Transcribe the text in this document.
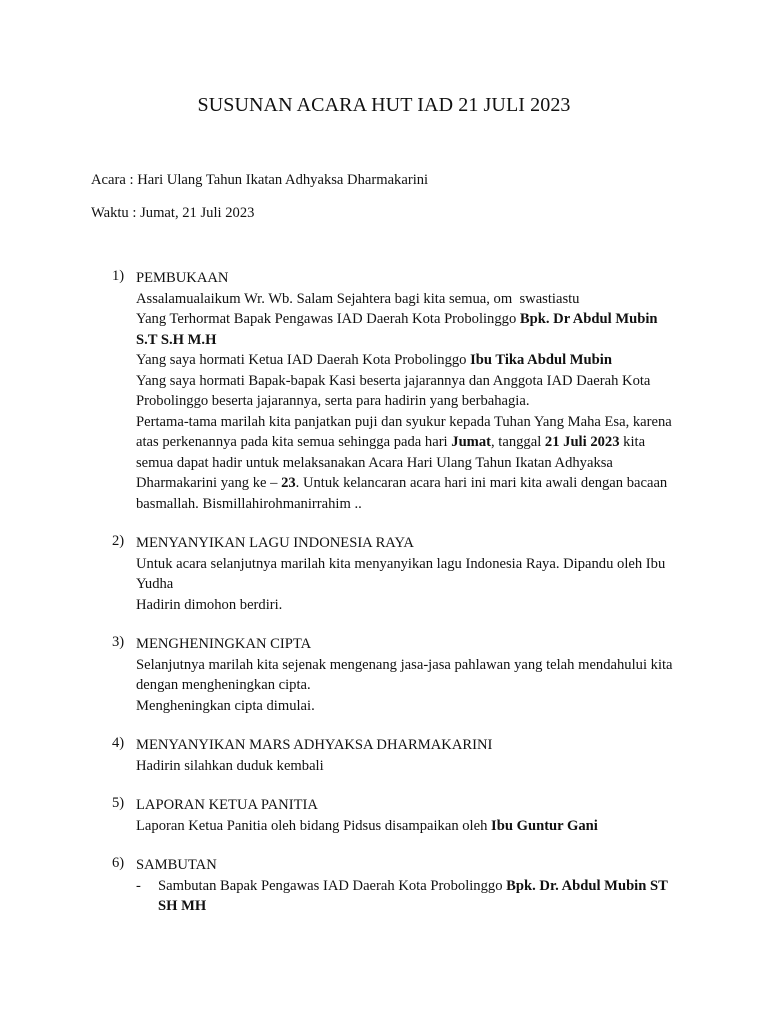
SUSUNAN ACARA HUT IAD 21 JULI 2023
Acara : Hari Ulang Tahun Ikatan Adhyaksa Dharmakarini
Waktu : Jumat, 21 Juli 2023
1) PEMBUKAAN

Assalamualaikum Wr. Wb. Salam Sejahtera bagi kita semua, om  swastiastu

Yang Terhormat Bapak Pengawas IAD Daerah Kota Probolinggo Bpk. Dr Abdul Mubin S.T S.H M.H

Yang saya hormati Ketua IAD Daerah Kota Probolinggo Ibu Tika Abdul Mubin

Yang saya hormati Bapak-bapak Kasi beserta jajarannya dan Anggota IAD Daerah Kota Probolinggo beserta jajarannya, serta para hadirin yang berbahagia.

Pertama-tama marilah kita panjatkan puji dan syukur kepada Tuhan Yang Maha Esa, karena atas perkenannya pada kita semua sehingga pada hari Jumat, tanggal 21 Juli 2023 kita semua dapat hadir untuk melaksanakan Acara Hari Ulang Tahun Ikatan Adhyaksa Dharmakarini yang ke – 23. Untuk kelancaran acara hari ini mari kita awali dengan bacaan basmallah. Bismillahirohmanirrahim ..

2) MENYANYIKAN LAGU INDONESIA RAYA

Untuk acara selanjutnya marilah kita menyanyikan lagu Indonesia Raya. Dipandu oleh Ibu Yudha

Hadirin dimohon berdiri.

3) MENGHENINGKAN CIPTA

Selanjutnya marilah kita sejenak mengenang jasa-jasa pahlawan yang telah mendahului kita dengan mengheningkan cipta.

Mengheningkan cipta dimulai.

4) MENYANYIKAN MARS ADHYAKSA DHARMAKARINI

Hadirin silahkan duduk kembali

5) LAPORAN KETUA PANITIA

Laporan Ketua Panitia oleh bidang Pidsus disampaikan oleh Ibu Guntur Gani

6) SAMBUTAN

- Sambutan Bapak Pengawas IAD Daerah Kota Probolinggo Bpk. Dr. Abdul Mubin ST SH MH
